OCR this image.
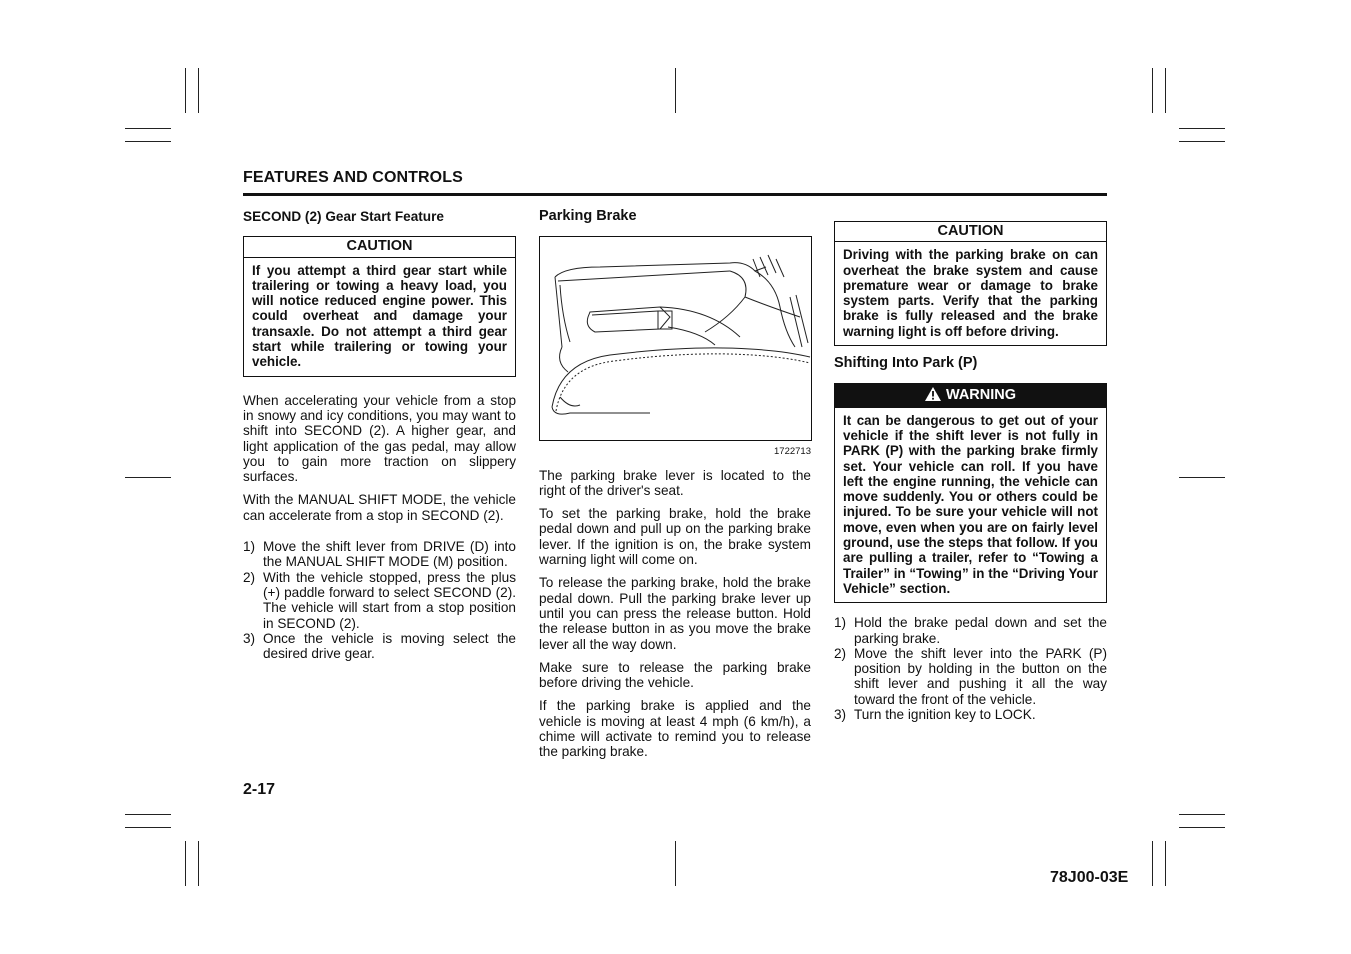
FEATURES AND CONTROLS
SECOND (2) Gear Start Feature
CAUTION
If you attempt a third gear start while trailering or towing a heavy load, you will notice reduced engine power. This could overheat and damage your transaxle. Do not attempt a third gear start while trailering or towing your vehicle.

When accelerating your vehicle from a stop in snowy and icy conditions, you may want to shift into SECOND (2). A higher gear, and light application of the gas pedal, may allow you to gain more traction on slippery surfaces.

With the MANUAL SHIFT MODE, the vehicle can accelerate from a stop in SECOND (2).

1) Move the shift lever from DRIVE (D) into the MANUAL SHIFT MODE (M) position.
2) With the vehicle stopped, press the plus (+) paddle forward to select SECOND (2). The vehicle will start from a stop position in SECOND (2).
3) Once the vehicle is moving select the desired drive gear.
Parking Brake
1722713

The parking brake lever is located to the right of the driver's seat.

To set the parking brake, hold the brake pedal down and pull up on the parking brake lever. If the ignition is on, the brake system warning light will come on.

To release the parking brake, hold the brake pedal down. Pull the parking brake lever up until you can press the release button. Hold the release button in as you move the brake lever all the way down.

Make sure to release the parking brake before driving the vehicle.

If the parking brake is applied and the vehicle is moving at least 4 mph (6 km/h), a chime will activate to remind you to release the parking brake.

CAUTION
Driving with the parking brake on can overheat the brake system and cause premature wear or damage to brake system parts. Verify that the parking brake is fully released and the brake warning light is off before driving.
Shifting Into Park (P)
WARNING
It can be dangerous to get out of your vehicle if the shift lever is not fully in PARK (P) with the parking brake firmly set. Your vehicle can roll. If you have left the engine running, the vehicle can move suddenly. You or others could be injured. To be sure your vehicle will not move, even when you are on fairly level ground, use the steps that follow. If you are pulling a trailer, refer to “Towing a Trailer” in “Towing” in the “Driving Your Vehicle” section.
1) Hold the brake pedal down and set the parking brake.
2) Move the shift lever into the PARK (P) position by holding in the button on the shift lever and pushing it all the way toward the front of the vehicle.
3) Turn the ignition key to LOCK.
2-17
78J00-03E
